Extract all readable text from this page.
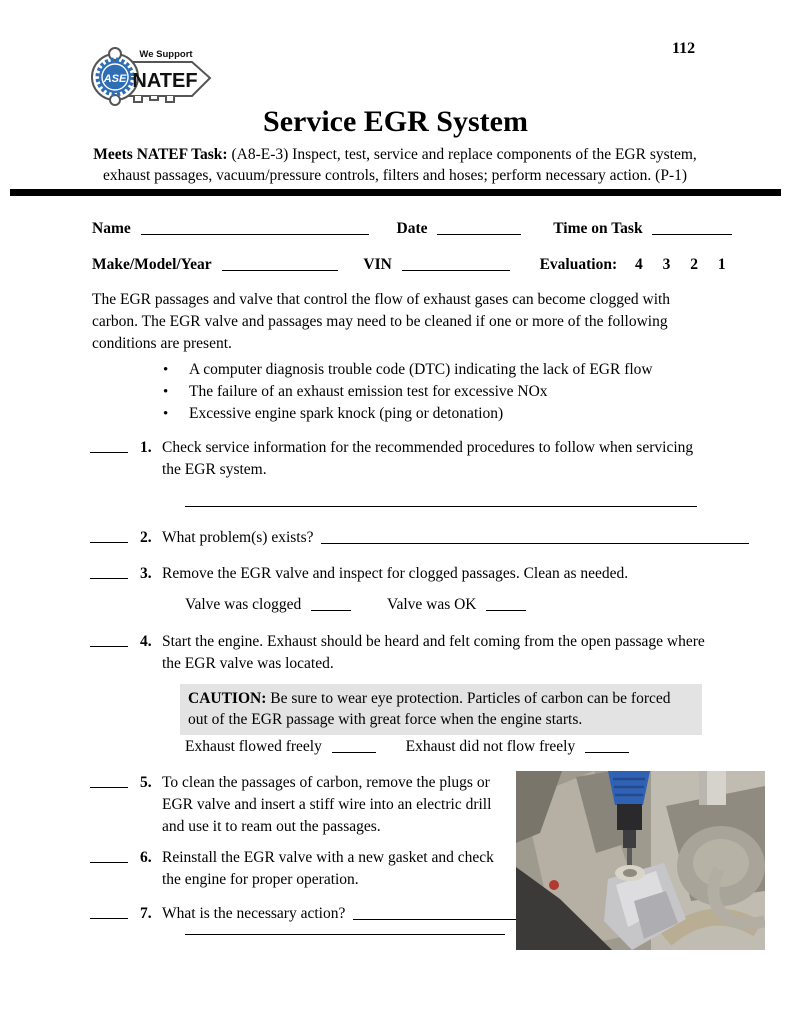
ASE
We Support
NATEF
112
Service EGR System
Meets NATEF Task: (A8-E-3) Inspect, test, service and replace components of the EGR system, exhaust passages, vacuum/pressure controls, filters and hoses; perform necessary action. (P-1)
Name	Date	Time on Task
Make/Model/Year	VIN	Evaluation: 4 3 2 1
The EGR passages and valve that control the flow of exhaust gases can become clogged with carbon. The EGR valve and passages may need to be cleaned if one or more of the following conditions are present.
•	A computer diagnosis trouble code (DTC) indicating the lack of EGR flow
•	The failure of an exhaust emission test for excessive NOx
•	Excessive engine spark knock (ping or detonation)
1. Check service information for the recommended procedures to follow when servicing the EGR system.
2. What problem(s) exists?
3. Remove the EGR valve and inspect for clogged passages. Clean as needed.
Valve was clogged	Valve was OK
4. Start the engine. Exhaust should be heard and felt coming from the open passage where the EGR valve was located.
CAUTION: Be sure to wear eye protection. Particles of carbon can be forced out of the EGR passage with great force when the engine starts.
Exhaust flowed freely	Exhaust did not flow freely
5. To clean the passages of carbon, remove the plugs or EGR valve and insert a stiff wire into an electric drill and use it to ream out the passages.
6. Reinstall the EGR valve with a new gasket and check the engine for proper operation.
7. What is the necessary action?
